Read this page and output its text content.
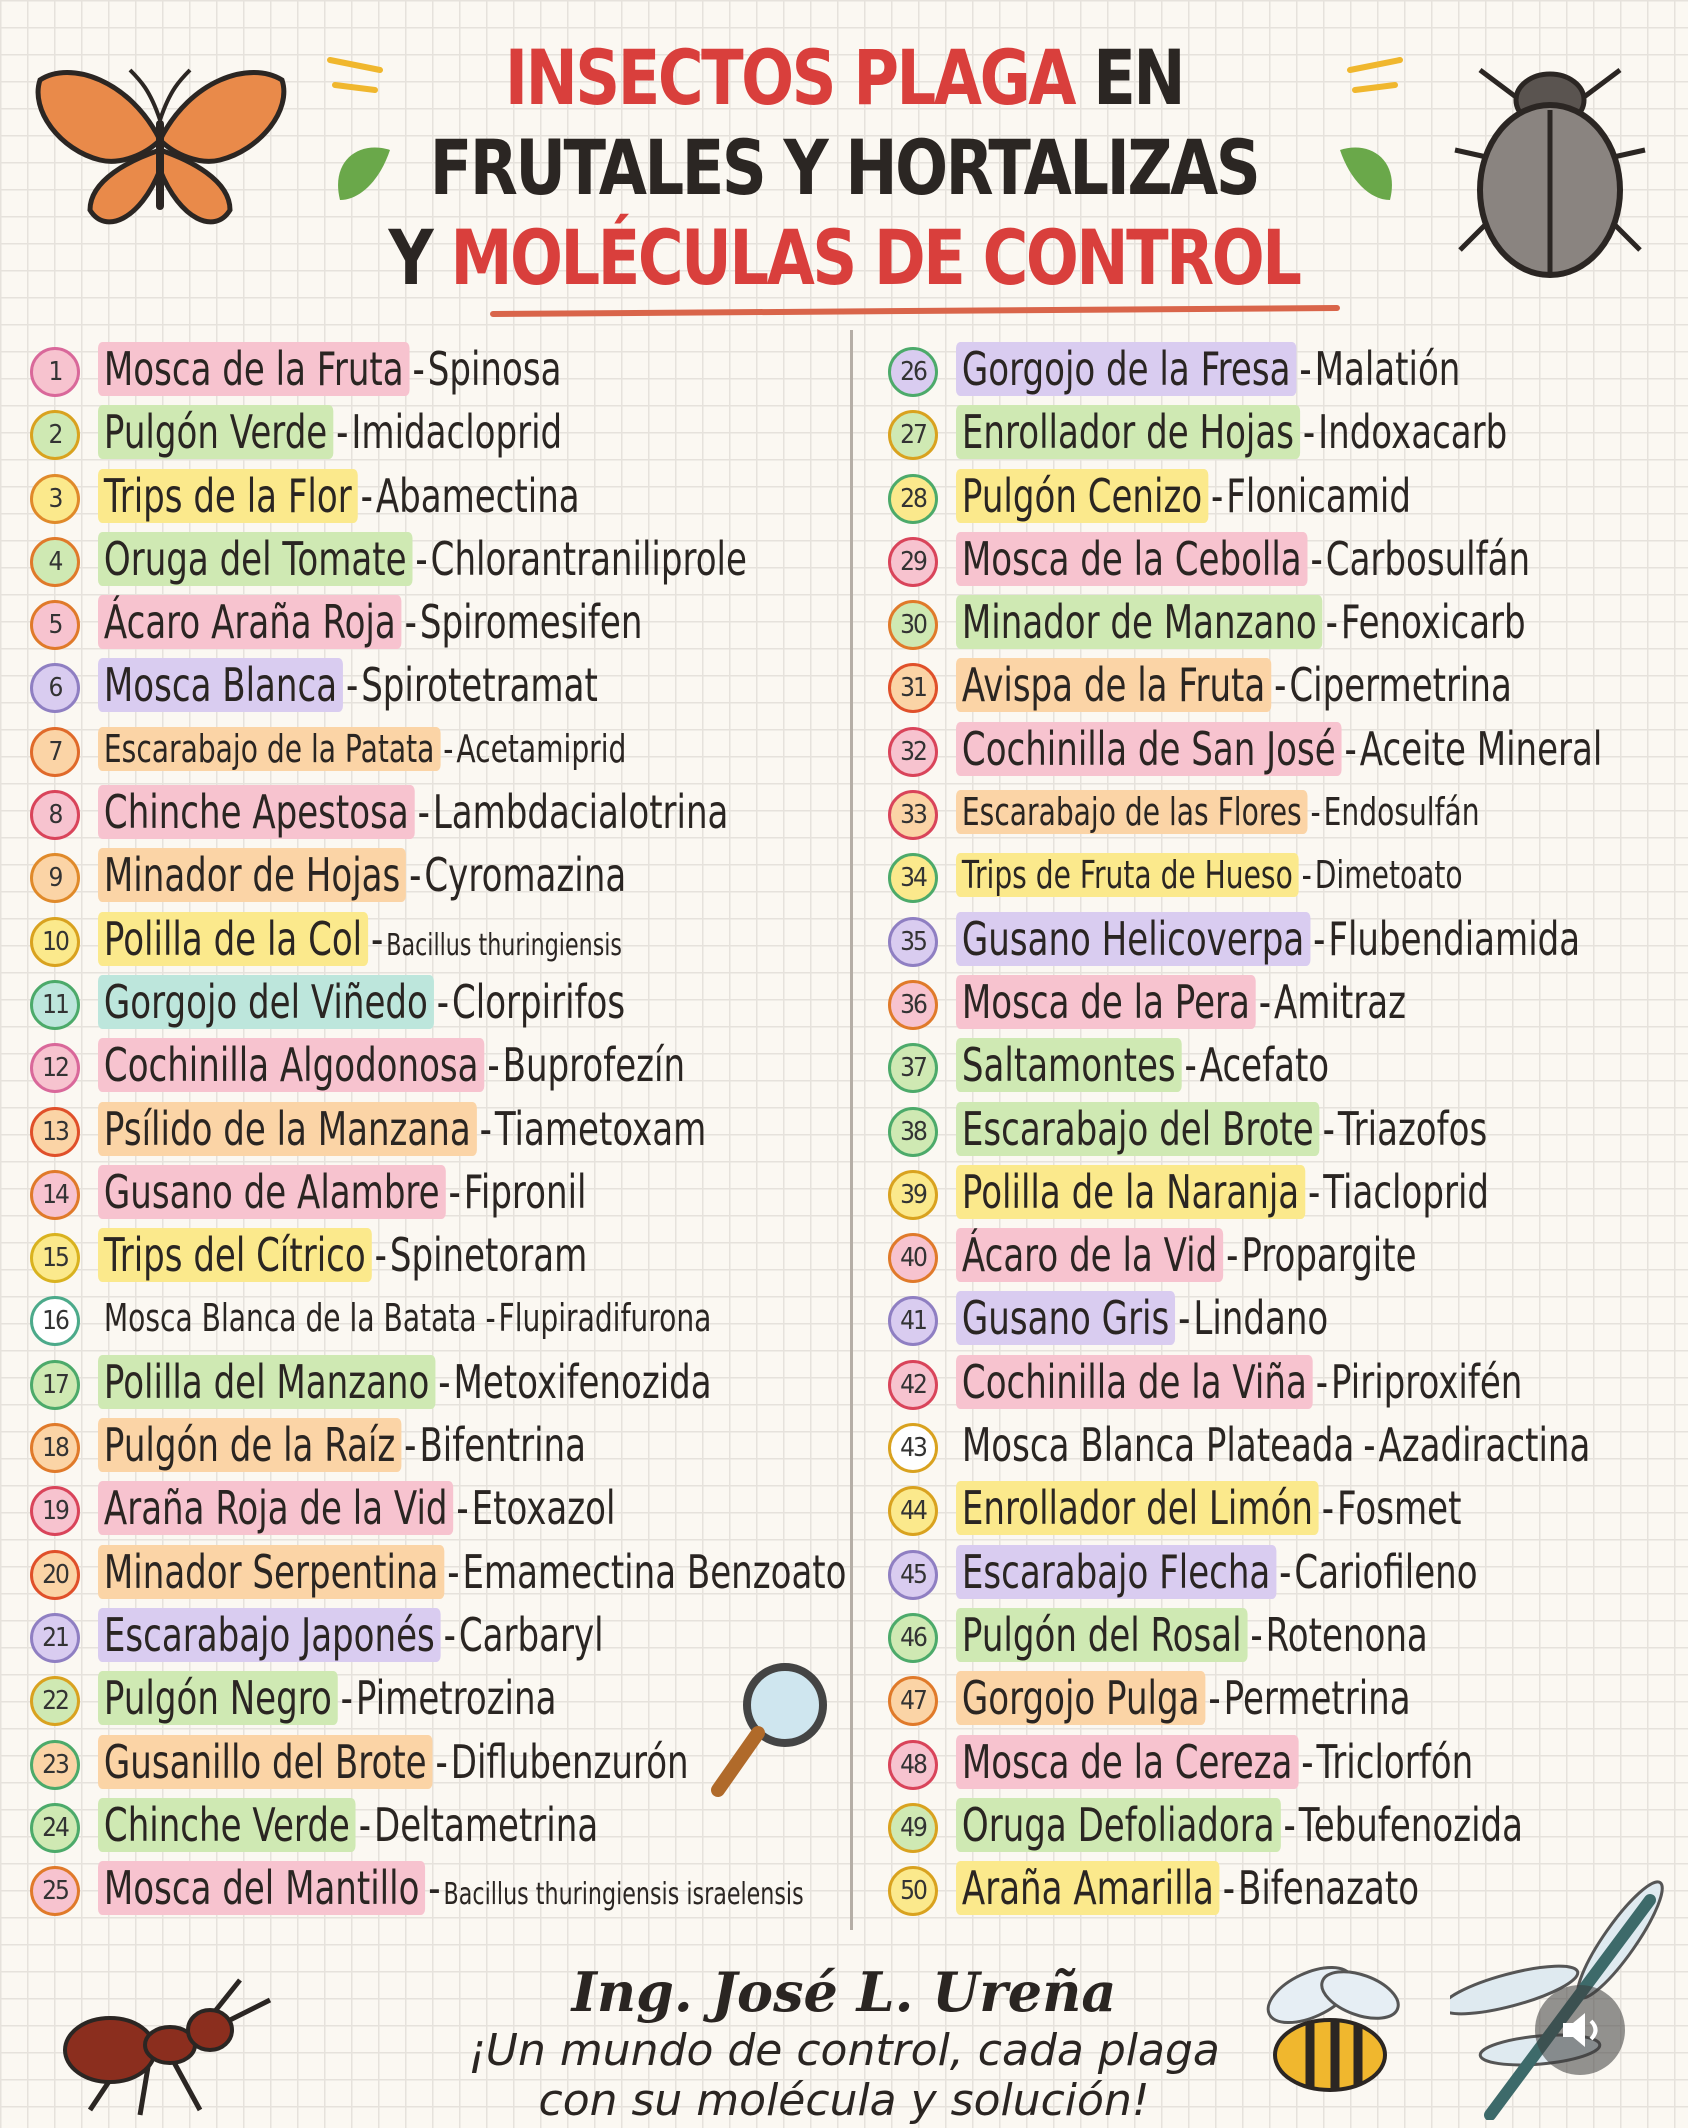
INSECTOS PLAGA EN
FRUTALES Y HORTALIZAS
Y MOLÉCULAS DE CONTROL
1 Mosca de la Fruta -Spinosa
2 Pulgón Verde -Imidacloprid
3 Trips de la Flor -Abamectina
4 Oruga del Tomate -Chlorantraniliprole
5 Ácaro Araña Roja -Spiromesifen
6 Mosca Blanca -Spirotetramat
7	Escarabajo de la Patata -Acetamiprid
8 Chinche Apestosa -Lambdacialotrina
9 Minador de Hojas -Cyromazina
10 Polilla de la Col -Bacillus thuringiensis
11 Gorgojo del Viñedo -Clorpirifos
12 Cochinilla Algodonosa -Buprofezín
13 Psílido de la Manzana -Tiametoxam
14 Gusano de Alambre -Fipronil
15 Trips del Cítrico -Spinetoram
16 Mosca Blanca de la Batata -Flupiradifurona
17 Polilla del Manzano -Metoxifenozida
18 Pulgón de la Raíz -Bifentrina
19 Araña Roja de la Vid -Etoxazol
20 Minador Serpentina -Emamectina Benzoato
21 Escarabajo Japonés -Carbaryl
22 Pulgón Negro -Pimetrozina
23 Gusanillo del Brote -Diflubenzurón
24 Chinche Verde -Deltametrina
25 Mosca del Mantillo -Bacillus thuringiensis israelensis
26 Gorgojo de la Fresa -Malatión
27 Enrollador de Hojas -Indoxacarb
28 Pulgón Cenizo -Flonicamid
29 Mosca de la Cebolla -Carbosulfán
30 Minador de Manzano -Fenoxicarb
31 Avispa de la Fruta -Cipermetrina
32 Cochinilla de San José -Aceite Mineral
33 Escarabajo de las Flores -Endosulfán
34 Trips de Fruta de Hueso -Dimetoato
35 Gusano Helicoverpa -Flubendiamida
36 Mosca de la Pera -Amitraz
37 Saltamontes -Acefato
38 Escarabajo del Brote -Triazofos
39 Polilla de la Naranja -Tiacloprid
40 Ácaro de la Vid -Propargite
41 Gusano Gris -Lindano
42 Cochinilla de la Viña -Piriproxifén
43 Mosca Blanca Plateada -Azadiractina
44 Enrollador del Limón -Fosmet
45 Escarabajo Flecha -Cariofileno
46 Pulgón del Rosal -Rotenona
47 Gorgojo Pulga -Permetrina
48 Mosca de la Cereza -Triclorfón
49 Oruga Defoliadora -Tebufenozida
50 Araña Amarilla -Bifenazato
Ing. José L. Ureña
¡Un mundo de control, cada plaga
con su molécula y solución!
